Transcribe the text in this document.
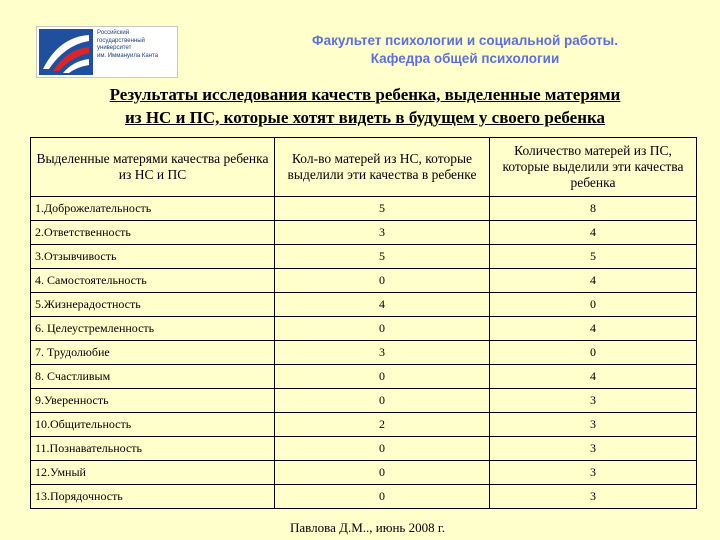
Российский
государственный
университет
им. Иммануила Канта
Факультет психологии и социальной работы.
Кафедра общей психологии
Результаты исследования качеств ребенка, выделенные матерями
из НС и ПС, которые хотят видеть в будущем у своего ребенка
Выделенные матерями качества ребенка из НС и ПС	Кол-во матерей из НС, которые выделили эти качества в ребенке	Количество матерей из ПС, которые выделили эти качества ребенка
1.Доброжелательность	5	8
2.Ответственность	3	4
3.Отзывчивость	5	5
4. Самостоятельность	0	4
5.Жизнерадостность	4	0
6. Целеустремленность	0	4
7. Трудолюбие	3	0
8. Счастливым	0	4
9.Уверенность	0	3
10.Общительность	2	3
11.Познавательность	0	3
12.Умный	0	3
13.Порядочность	0	3
Павлова Д.М.., июнь 2008 г.
